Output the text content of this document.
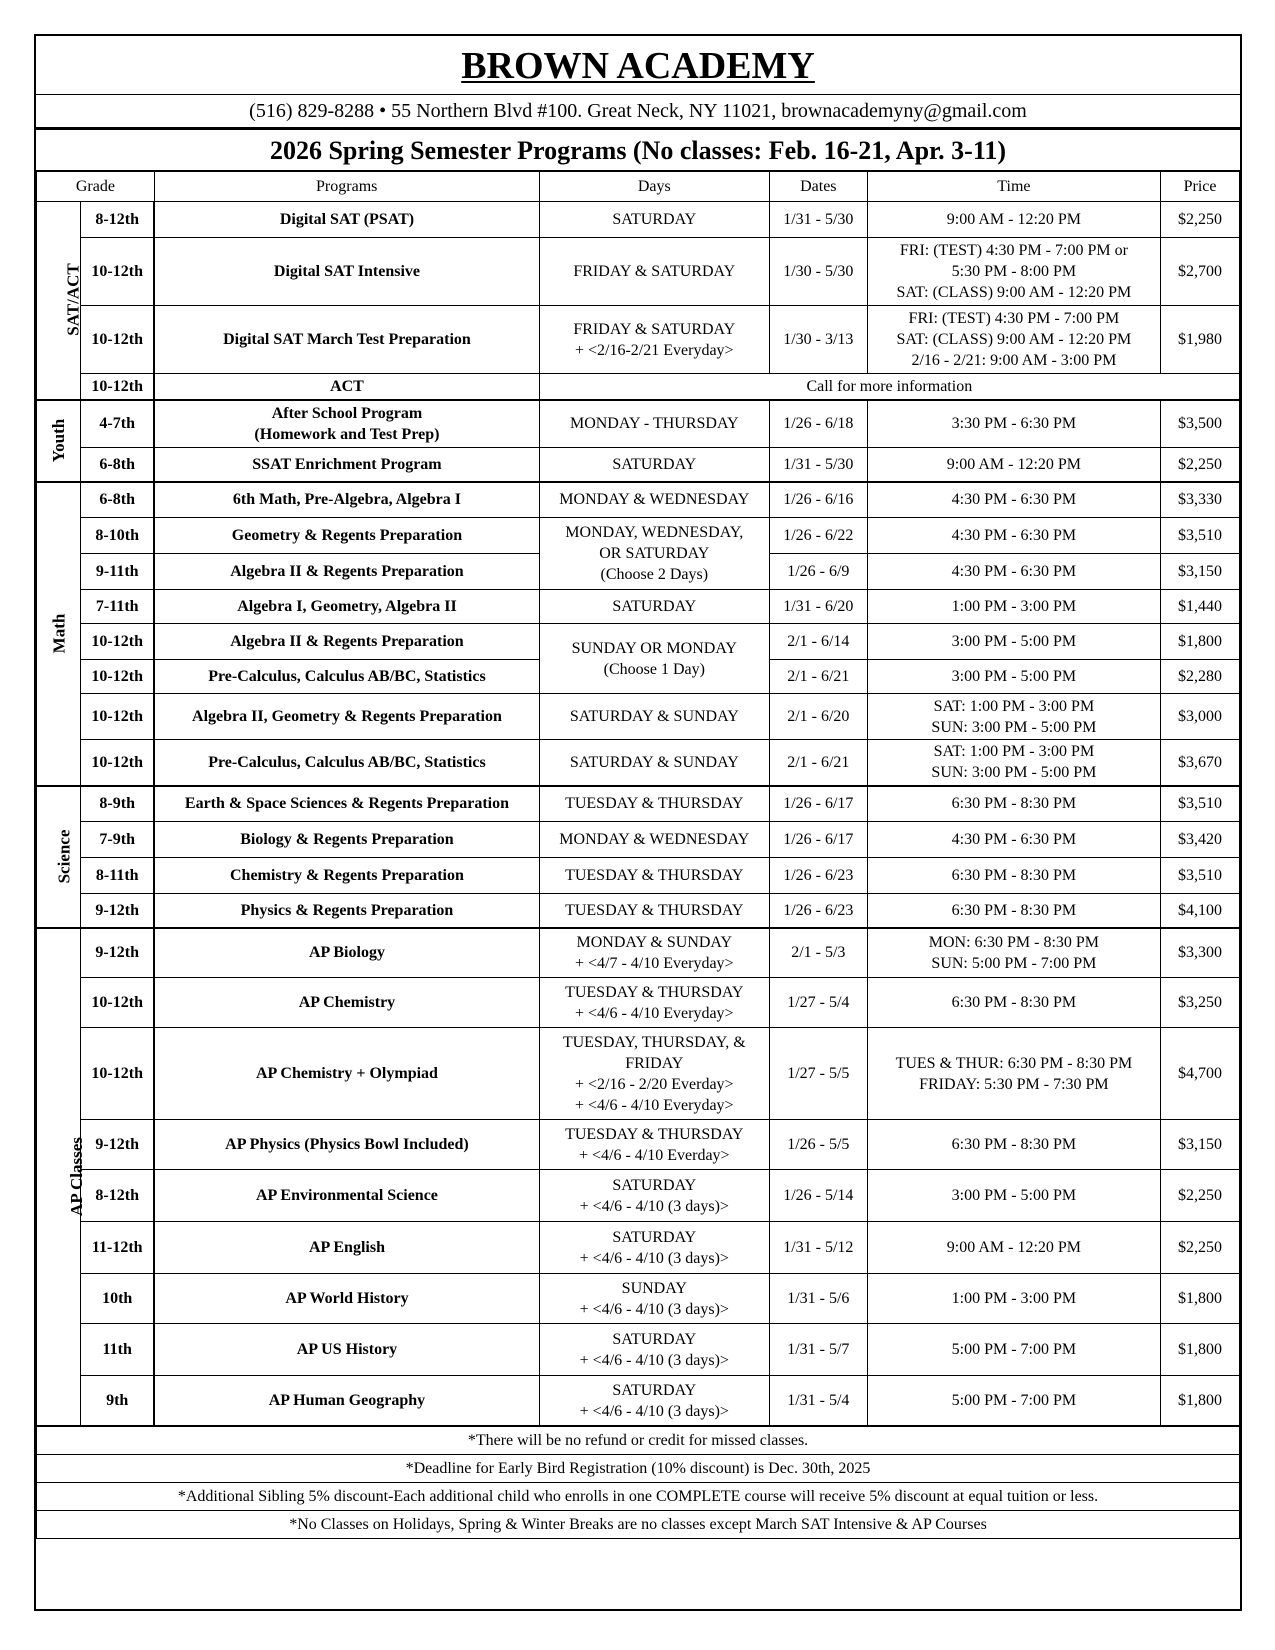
BROWN ACADEMY
(516) 829-8288 • 55 Northern Blvd #100. Great Neck, NY 11021, brownacademyny@gmail.com
2026 Spring Semester Programs (No classes: Feb. 16-21, Apr. 3-11)
Grade		Programs	Days	Dates	Time	Price
SAT/ACT	8-12th	Digital SAT (PSAT)	SATURDAY	1/31 - 5/30	9:00 AM - 12:20 PM	$2,250
	10-12th	Digital SAT Intensive	FRIDAY & SATURDAY	1/30 - 5/30	FRI: (TEST) 4:30 PM - 7:00 PM or
5:30 PM - 8:00 PM
SAT: (CLASS) 9:00 AM - 12:20 PM	$2,700
	10-12th	Digital SAT March Test Preparation	FRIDAY & SATURDAY
+ <2/16-2/21 Everyday>	1/30 - 3/13	FRI: (TEST) 4:30 PM - 7:00 PM
SAT: (CLASS) 9:00 AM - 12:20 PM
2/16 - 2/21: 9:00 AM - 3:00 PM	$1,980
	10-12th	ACT	Call for more information			
Youth	4-7th	After School Program
(Homework and Test Prep)	MONDAY - THURSDAY	1/26 - 6/18	3:30 PM - 6:30 PM	$3,500
	6-8th	SSAT Enrichment Program	SATURDAY	1/31 - 5/30	9:00 AM - 12:20 PM	$2,250
Math	6-8th	6th Math, Pre-Algebra, Algebra I	MONDAY & WEDNESDAY	1/26 - 6/16	4:30 PM - 6:30 PM	$3,330
	8-10th	Geometry & Regents Preparation	MONDAY, WEDNESDAY,
OR SATURDAY
(Choose 2 Days)	1/26 - 6/22	4:30 PM - 6:30 PM	$3,510
	9-11th	Algebra II & Regents Preparation		1/26 - 6/9	4:30 PM - 6:30 PM	$3,150
	7-11th	Algebra I, Geometry, Algebra II	SATURDAY	1/31 - 6/20	1:00 PM - 3:00 PM	$1,440
	10-12th	Algebra II & Regents Preparation	SUNDAY OR MONDAY
(Choose 1 Day)	2/1 - 6/14	3:00 PM - 5:00 PM	$1,800
	10-12th	Pre-Calculus, Calculus AB/BC, Statistics		2/1 - 6/21	3:00 PM - 5:00 PM	$2,280
	10-12th	Algebra II, Geometry & Regents Preparation	SATURDAY & SUNDAY	2/1 - 6/20	SAT: 1:00 PM - 3:00 PM
SUN: 3:00 PM - 5:00 PM	$3,000
	10-12th	Pre-Calculus, Calculus AB/BC, Statistics	SATURDAY & SUNDAY	2/1 - 6/21	SAT: 1:00 PM - 3:00 PM
SUN: 3:00 PM - 5:00 PM	$3,670
Science	8-9th	Earth & Space Sciences & Regents Preparation	TUESDAY & THURSDAY	1/26 - 6/17	6:30 PM - 8:30 PM	$3,510
	7-9th	Biology & Regents Preparation	MONDAY & WEDNESDAY	1/26 - 6/17	4:30 PM - 6:30 PM	$3,420
	8-11th	Chemistry & Regents Preparation	TUESDAY & THURSDAY	1/26 - 6/23	6:30 PM - 8:30 PM	$3,510
	9-12th	Physics & Regents Preparation	TUESDAY & THURSDAY	1/26 - 6/23	6:30 PM - 8:30 PM	$4,100
AP Classes	9-12th	AP Biology	MONDAY & SUNDAY
+ <4/7 - 4/10 Everyday>	2/1 - 5/3	MON: 6:30 PM - 8:30 PM
SUN: 5:00 PM - 7:00 PM	$3,300
	10-12th	AP Chemistry	TUESDAY & THURSDAY
+ <4/6 - 4/10 Everyday>	1/27 - 5/4	6:30 PM - 8:30 PM	$3,250
	10-12th	AP Chemistry + Olympiad	TUESDAY, THURSDAY, &
FRIDAY
+ <2/16 - 2/20 Everday>
+ <4/6 - 4/10 Everyday>	1/27 - 5/5	TUES & THUR: 6:30 PM - 8:30 PM
FRIDAY: 5:30 PM - 7:30 PM	$4,700
	9-12th	AP Physics (Physics Bowl Included)	TUESDAY & THURSDAY
+ <4/6 - 4/10 Everday>	1/26 - 5/5	6:30 PM - 8:30 PM	$3,150
	8-12th	AP Environmental Science	SATURDAY
+ <4/6 - 4/10 (3 days)>	1/26 - 5/14	3:00 PM - 5:00 PM	$2,250
	11-12th	AP English	SATURDAY
+ <4/6 - 4/10 (3 days)>	1/31 - 5/12	9:00 AM - 12:20 PM	$2,250
	10th	AP World History	SUNDAY
+ <4/6 - 4/10 (3 days)>	1/31 - 5/6	1:00 PM - 3:00 PM	$1,800
	11th	AP US History	SATURDAY
+ <4/6 - 4/10 (3 days)>	1/31 - 5/7	5:00 PM - 7:00 PM	$1,800
	9th	AP Human Geography	SATURDAY
+ <4/6 - 4/10 (3 days)>	1/31 - 5/4	5:00 PM - 7:00 PM	$1,800
*There will be no refund or credit for missed classes.
*Deadline for Early Bird Registration (10% discount) is Dec. 30th, 2025
*Additional Sibling 5% discount-Each additional child who enrolls in one COMPLETE course will receive 5% discount at equal tuition or less.
*No Classes on Holidays, Spring & Winter Breaks are no classes except March SAT Intensive & AP Courses
